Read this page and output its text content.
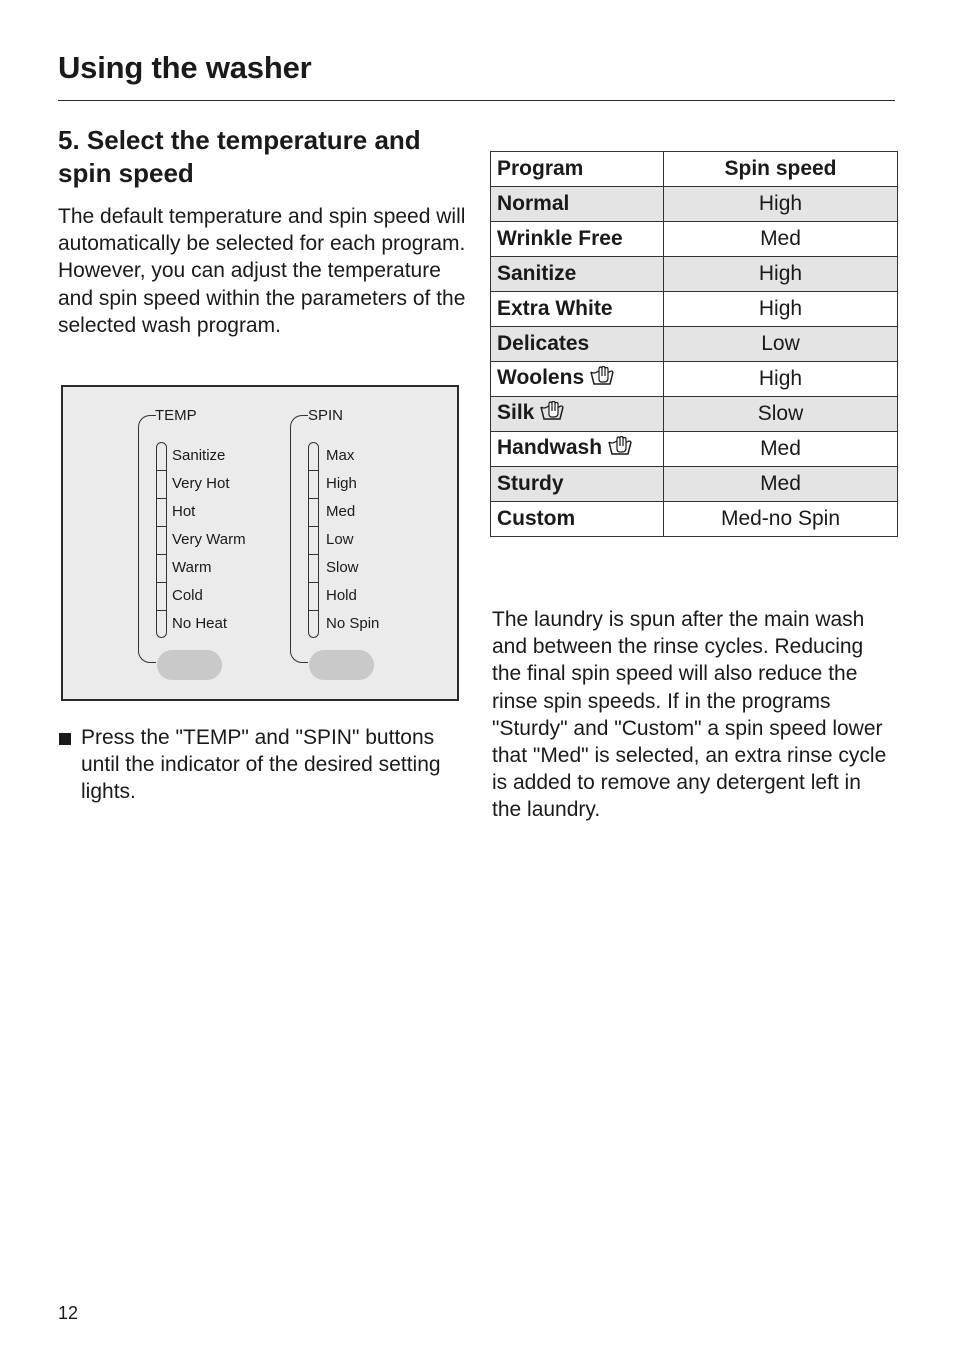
Using the washer
5. Select the temperature and spin speed

The default temperature and spin speed will automatically be selected for each program. However, you can adjust the temperature and spin speed within the parameters of the selected wash program.

TEMP
Sanitize
Very Hot
Hot
Very Warm
Warm
Cold
No Heat
SPIN
Max
High
Med
Low
Slow
Hold
No Spin

Press the "TEMP" and "SPIN" buttons until the indicator of the desired setting lights.

Program	Spin speed
Normal	High
Wrinkle Free	Med
Sanitize	High
Extra White	High
Delicates	Low
Woolens	High
Silk	Slow
Handwash	Med
Sturdy	Med
Custom	Med-no Spin

The laundry is spun after the main wash and between the rinse cycles. Reducing the final spin speed will also reduce the rinse spin speeds. If in the programs "Sturdy" and "Custom" a spin speed lower that "Med" is selected, an extra rinse cycle is added to remove any detergent left in the laundry.

12
